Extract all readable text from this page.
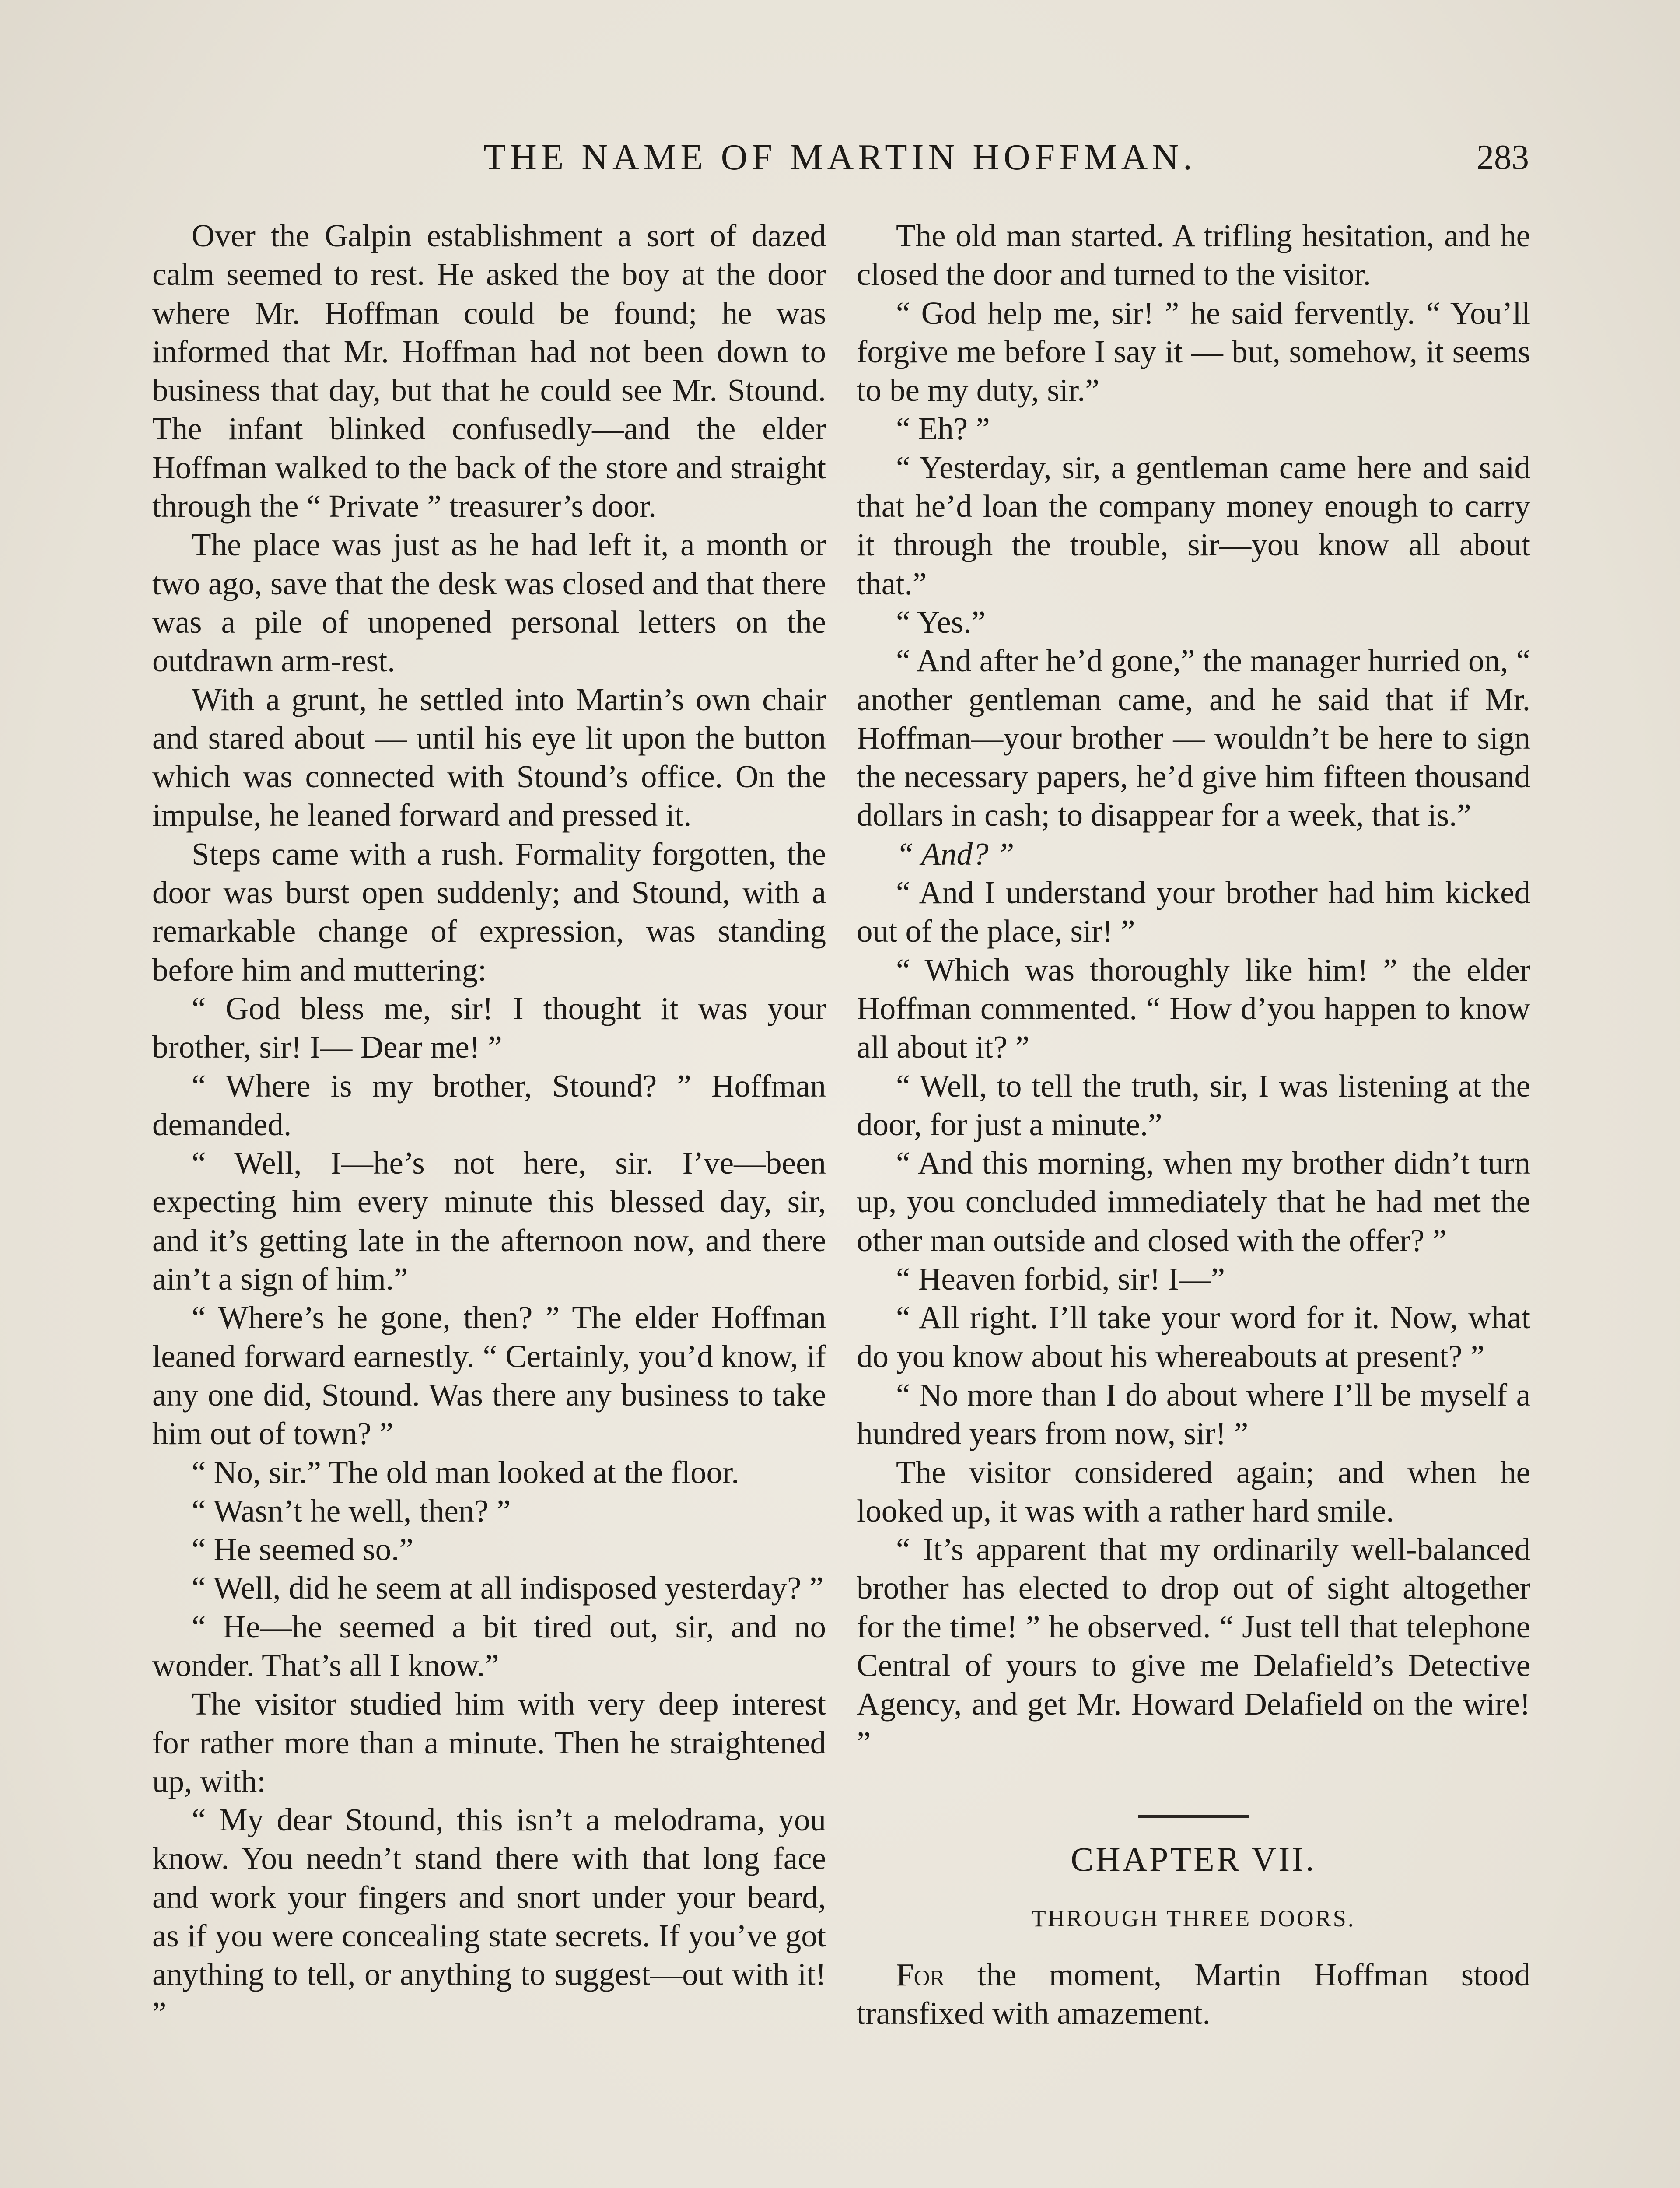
THE NAME OF MARTIN HOFFMAN.	283

Over the Galpin establishment a sort of dazed calm seemed to rest. He asked the boy at the door where Mr. Hoffman could be found; he was informed that Mr. Hoffman had not been down to business that day, but that he could see Mr. Stound. The infant blinked confusedly—and the elder Hoffman walked to the back of the store and straight through the “ Private ” treasurer’s door.

The place was just as he had left it, a month or two ago, save that the desk was closed and that there was a pile of unopened personal letters on the outdrawn arm-rest.

With a grunt, he settled into Martin’s own chair and stared about — until his eye lit upon the button which was connected with Stound’s office. On the impulse, he leaned forward and pressed it.

Steps came with a rush. Formality forgotten, the door was burst open suddenly; and Stound, with a remarkable change of expression, was standing before him and muttering:

“ God bless me, sir! I thought it was your brother, sir! I— Dear me! ”

“ Where is my brother, Stound? ” Hoffman demanded.

“ Well, I—he’s not here, sir. I’ve—been expecting him every minute this blessed day, sir, and it’s getting late in the afternoon now, and there ain’t a sign of him.”

“ Where’s he gone, then? ” The elder Hoffman leaned forward earnestly. “ Certainly, you’d know, if any one did, Stound. Was there any business to take him out of town? ”

“ No, sir.” The old man looked at the floor.

“ Wasn’t he well, then? ”

“ He seemed so.”

“ Well, did he seem at all indisposed yesterday? ”

“ He—he seemed a bit tired out, sir, and no wonder. That’s all I know.”

The visitor studied him with very deep interest for rather more than a minute. Then he straightened up, with:

“ My dear Stound, this isn’t a melodrama, you know. You needn’t stand there with that long face and work your fingers and snort under your beard, as if you were concealing state secrets. If you’ve got anything to tell, or anything to suggest—out with it! ”

The old man started. A trifling hesitation, and he closed the door and turned to the visitor.

“ God help me, sir! ” he said fervently. “ You’ll forgive me before I say it — but, somehow, it seems to be my duty, sir.”

“ Eh? ”

“ Yesterday, sir, a gentleman came here and said that he’d loan the company money enough to carry it through the trouble, sir—you know all about that.”

“ Yes.”

“ And after he’d gone,” the manager hurried on, “ another gentleman came, and he said that if Mr. Hoffman—your brother — wouldn’t be here to sign the necessary papers, he’d give him fifteen thousand dollars in cash; to disappear for a week, that is.”

“ And? ”

“ And I understand your brother had him kicked out of the place, sir! ”

“ Which was thoroughly like him! ” the elder Hoffman commented. “ How d’you happen to know all about it? ”

“ Well, to tell the truth, sir, I was listening at the door, for just a minute.”

“ And this morning, when my brother didn’t turn up, you concluded immediately that he had met the other man outside and closed with the offer? ”

“ Heaven forbid, sir! I—”

“ All right. I’ll take your word for it. Now, what do you know about his whereabouts at present? ”

“ No more than I do about where I’ll be myself a hundred years from now, sir! ”

The visitor considered again; and when he looked up, it was with a rather hard smile.

“ It’s apparent that my ordinarily well-balanced brother has elected to drop out of sight altogether for the time! ” he observed. “ Just tell that telephone Central of yours to give me Delafield’s Detective Agency, and get Mr. Howard Delafield on the wire! ”

CHAPTER VII.
THROUGH THREE DOORS.

For the moment, Martin Hoffman stood transfixed with amazement.
